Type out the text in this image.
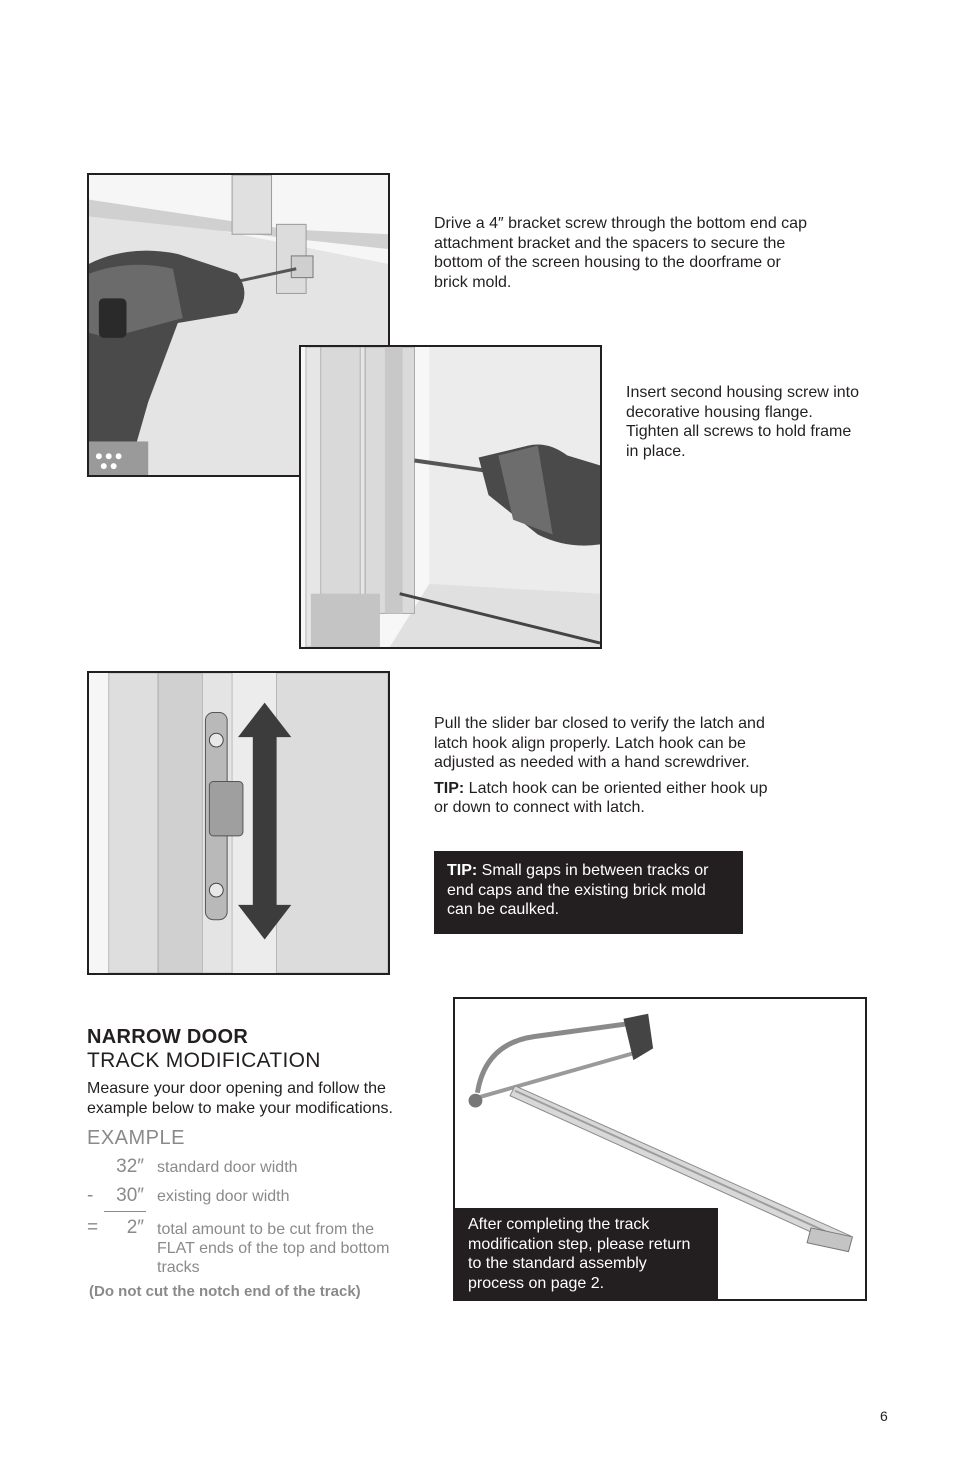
Drive a 4″ bracket screw through the bottom end cap attachment bracket and the spacers to secure the bottom of the screen housing to the doorframe or brick mold.
Insert second housing screw into decorative housing flange. Tighten all screws to hold frame in place.

Pull the slider bar closed to verify the latch and latch hook align properly. Latch hook can be adjusted as needed with a hand screwdriver.

TIP: Latch hook can be oriented either hook up or down to connect with latch.

TIP: Small gaps in between tracks or end caps and the existing brick mold can be caulked.
NARROW DOOR
TRACK MODIFICATION
Measure your door opening and follow the example below to make your modifications.
EXAMPLE
32″ standard door width
-	30″ existing door width
=	2″ total amount to be cut from the FLAT ends of the top and bottom tracks
(Do not cut the notch end of the track)
After completing the track modification step, please return to the standard assembly process on page 2.
6
